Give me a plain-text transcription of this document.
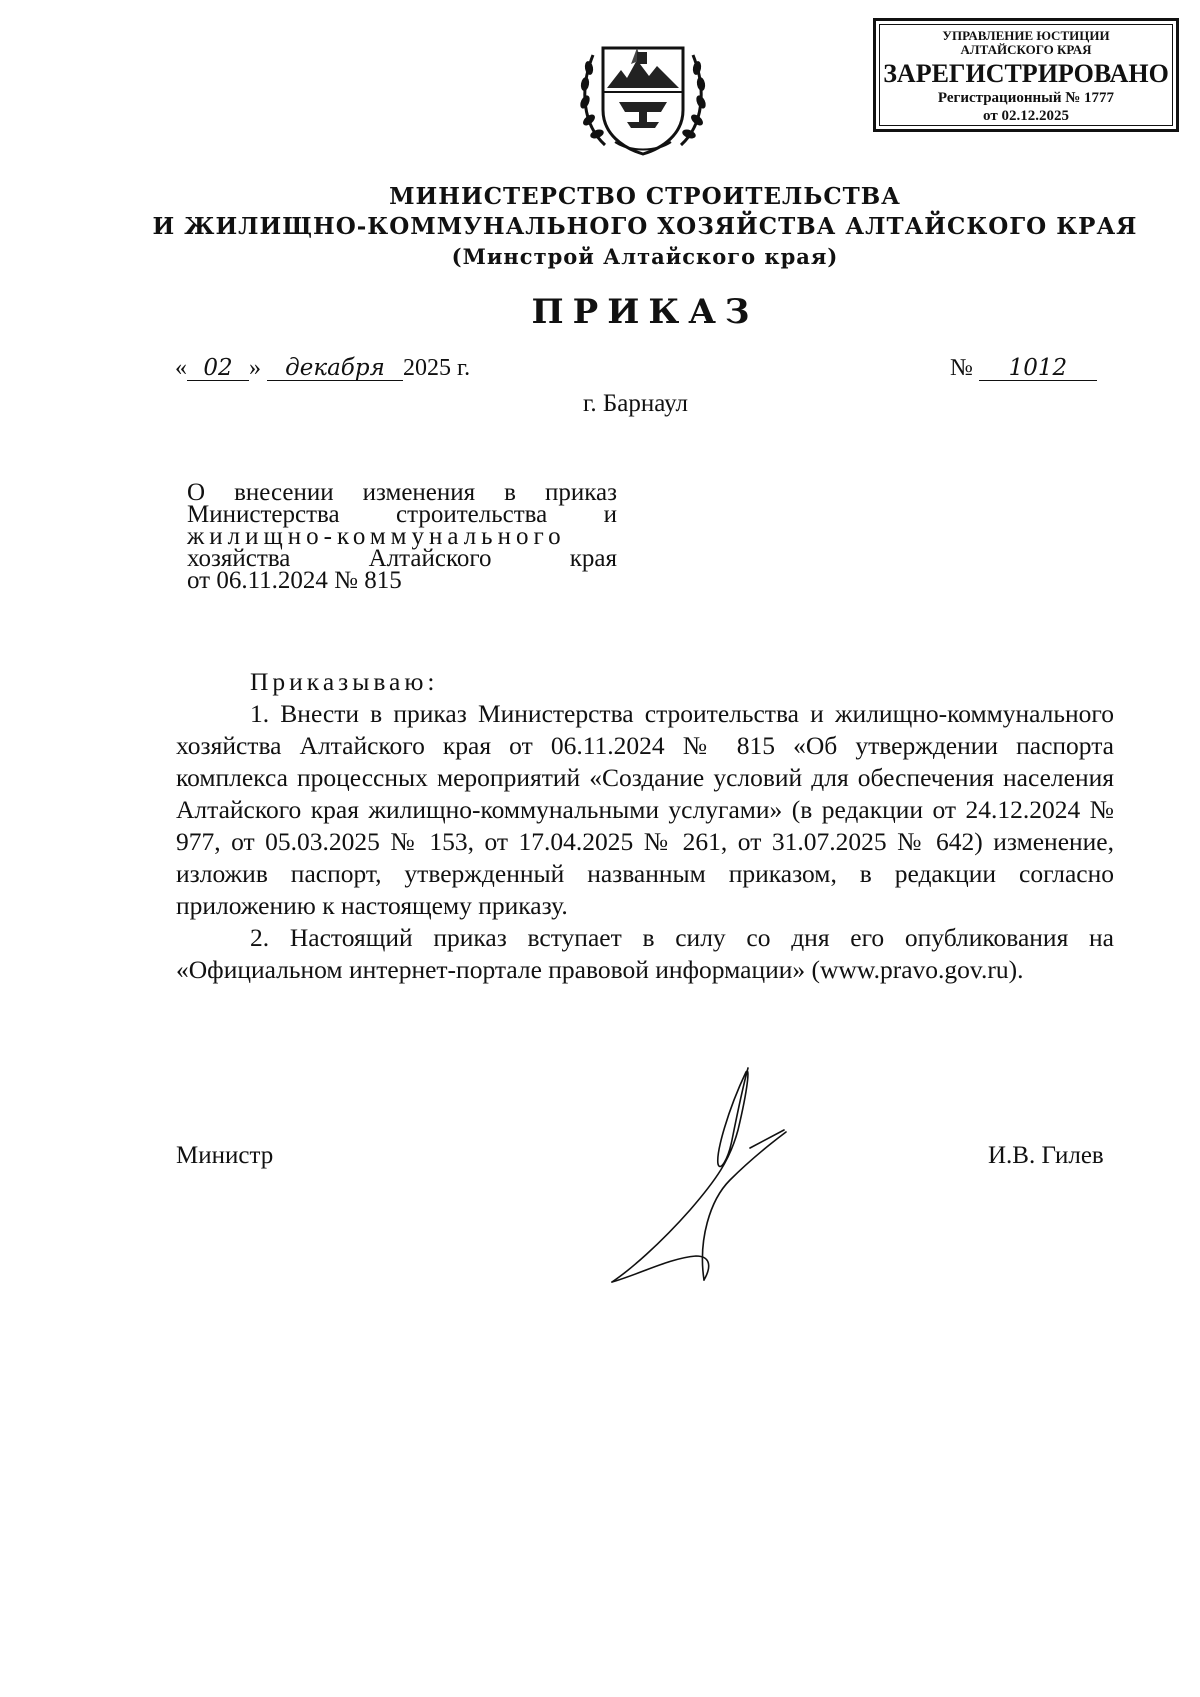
УПРАВЛЕНИЕ ЮСТИЦИИ
АЛТАЙСКОГО КРАЯ
ЗАРЕГИСТРИРОВАНО
Регистрационный № 1777
от 02.12.2025
МИНИСТЕРСТВО СТРОИТЕЛЬСТВА
И ЖИЛИЩНО-КОММУНАЛЬНОГО ХОЗЯЙСТВА АЛТАЙСКОГО КРАЯ
(Минстрой Алтайского края)
ПРИКАЗ
« 02 » декабря 2025 г.	№ 1012
г. Барнаул
О внесении изменения в приказ
Министерства строительства и
жилищно-коммунального
хозяйства Алтайского края
от 06.11.2024 № 815
Приказываю:
1. Внести в приказ Министерства строительства и жилищно-коммунального хозяйства Алтайского края от 06.11.2024 № 815 «Об утверждении паспорта комплекса процессных мероприятий «Создание условий для обеспечения населения Алтайского края жилищно-коммунальными услугами» (в редакции от 24.12.2024 № 977, от 05.03.2025 № 153, от 17.04.2025 № 261, от 31.07.2025 № 642) изменение, изложив паспорт, утвержденный названным приказом, в редакции согласно приложению к настоящему приказу.
2. Настоящий приказ вступает в силу со дня его опубликования на «Официальном интернет-портале правовой информации» (www.pravo.gov.ru).
Министр	И.В. Гилев
